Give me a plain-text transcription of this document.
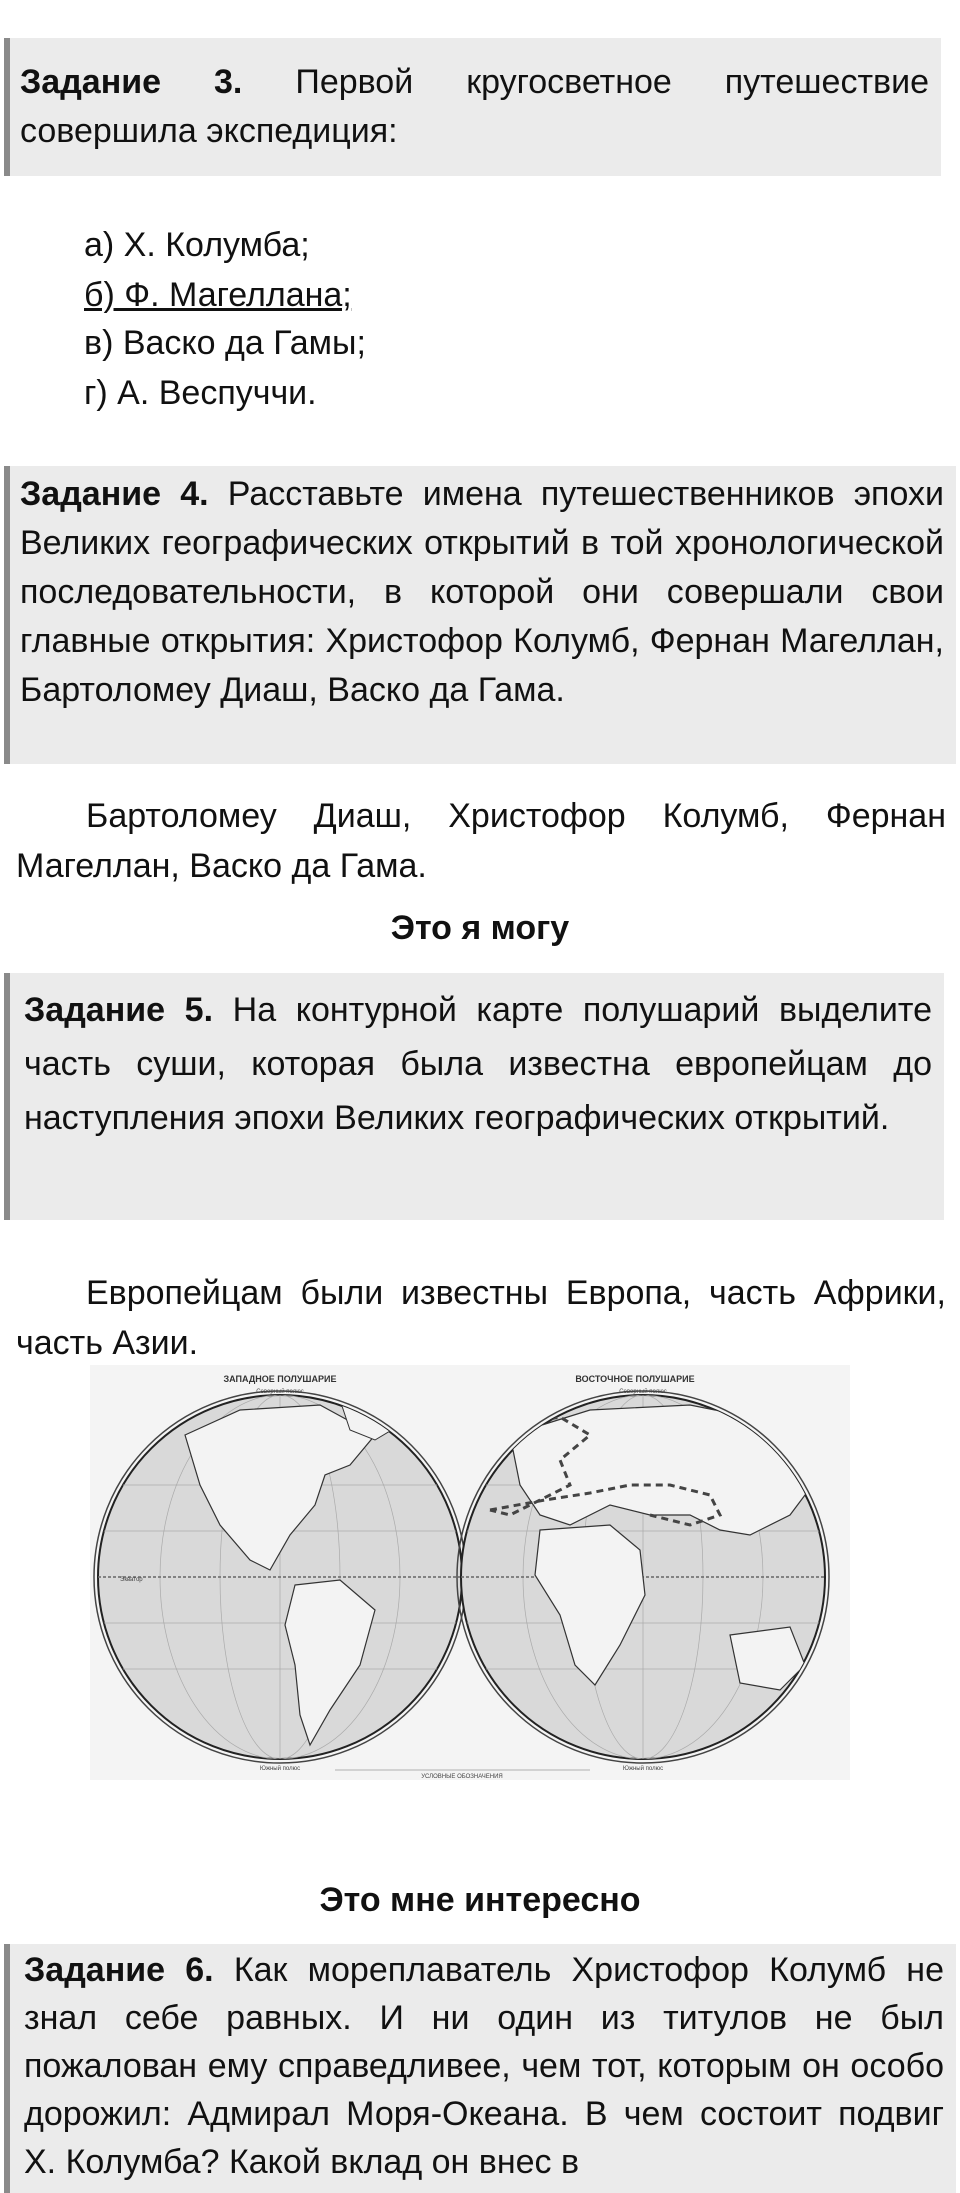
Задание 3. Первой кругосветное путешествие совершила экспедиция:
а) Х. Колумба;
б) Ф. Магеллана;
в) Васко да Гамы;
г) А. Веспуччи.
Задание 4. Расставьте имена путешественников эпохи Великих географических открытий в той хронологической последовательности, в которой они совершали свои главные открытия: Христофор Колумб, Фернан Магеллан, Бартоломеу Диаш, Васко да Гама.
Бартоломеу Диаш, Христофор Колумб, Фернан Магеллан, Васко да Гама.
Это я могу
Задание 5. На контурной карте полушарий выделите часть суши, которая была известна европейцам до наступления эпохи Великих географических открытий.
Европейцам были известны Европа, часть Африки, часть Азии.
ЗАПАДНОЕ ПОЛУШАРИЕ	ВОСТОЧНОЕ ПОЛУШАРИЕ
Экватор
Северный полюс
Южный полюс
Северный полюс
Южный полюс
УСЛОВНЫЕ ОБОЗНАЧЕНИЯ
Это мне интересно
Задание 6. Как мореплаватель Христофор Колумб не знал себе равных. И ни один из титулов не был пожалован ему справедливее, чем тот, которым он особо дорожил: Адмирал Моря-Океана. В чем состоит подвиг Х. Колумба? Какой вклад он внес в
